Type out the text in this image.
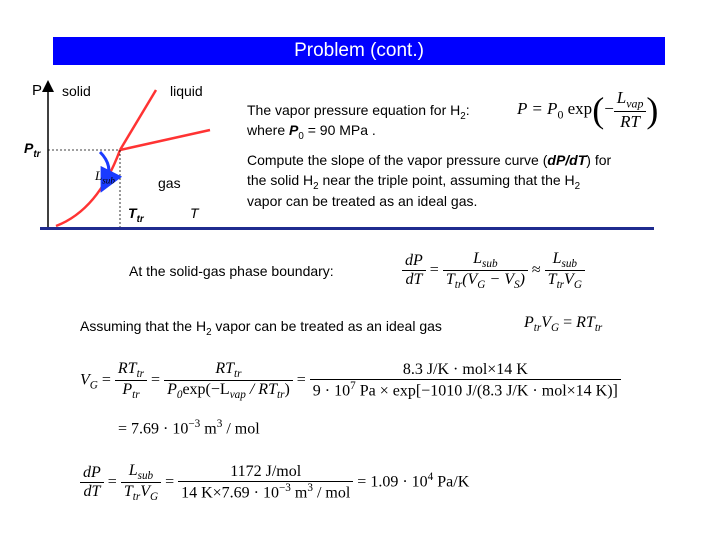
Problem (cont.)
P solid	liquid
$P_{tr}$
$L_{sub}$	gas
$T_{tr}$	T
The vapor pressure equation for $H_2$:
where $P_0 = 90$ MPa .
$P = P_0$ $\exp(- \frac{L_{vap}}{RT}$ )
Compute the slope of the vapor pressure curve (dP/dT) for
the solid $H_2$ near the triple point, assuming that the $H_2$
vapor can be treated as an ideal gas.
At the solid-gas phase boundary:	$\frac{dP}{dT} = \frac{L_{sub}}{T_{tr}(V_G - V_S)} \approx \frac{L_{sub}}{T_{tr}V_G}$
Assuming that the $H_2$ vapor can be treated as an ideal gas	$P_{tr}V_G = RT_{tr}$
$V_G = \frac{RT_{tr}}{P_{tr}} = \frac{RT_{tr}}{P_0\exp(-L_{vap} / RT_{tr})} = \frac{\text{8.3 J/K · mol×14 K}}{9 \cdot 10^7 Pa \times \exp[-1010 J/(8.3 J/K \cdot mol\times 14 K)]}$
= $7.69 \cdot 10^{-3}$ $m^3$ / mol
$\frac{dP}{dT} = \frac{L_{sub}}{T_{tr}V_G} = \frac{\text{1172 J/mol}}{14 K\times 7.69 \cdot 10^{-3} m^3 / mol} = 1.09 \cdot 10^4$ Pa/K
